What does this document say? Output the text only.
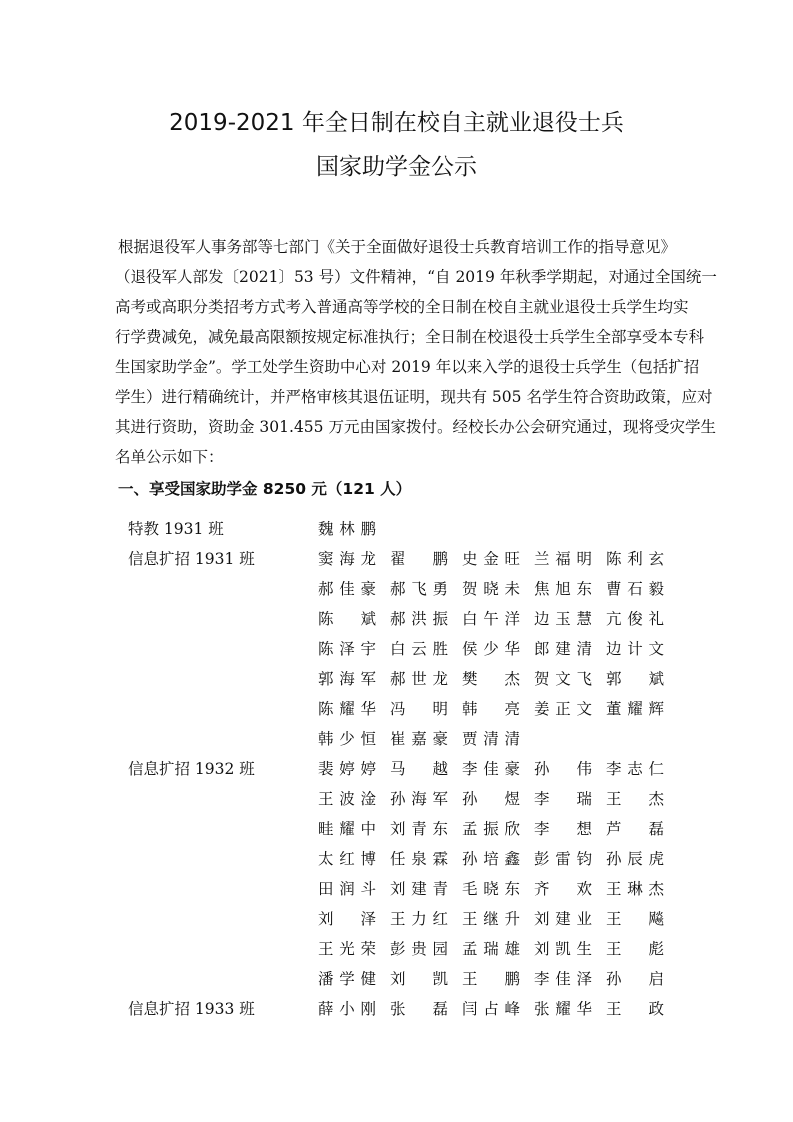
2019-2021 年全日制在校自主就业退役士兵
国家助学金公示
根据退役军人事务部等七部门《关于全面做好退役士兵教育培训工作的指导意见》
（退役军人部发〔2021〕53 号）文件精神，“自 2019 年秋季学期起，对通过全国统一
高考或高职分类招考方式考入普通高等学校的全日制在校自主就业退役士兵学生均实
行学费减免，减免最高限额按规定标准执行；全日制在校退役士兵学生全部享受本专科
生国家助学金”。学工处学生资助中心对 2019 年以来入学的退役士兵学生（包括扩招
学生）进行精确统计，并严格审核其退伍证明，现共有 505 名学生符合资助政策，应对
其进行资助，资助金 301.455 万元由国家拨付。经校长办公会研究通过，现将受灾学生
名单公示如下：
一、享受国家助学金 8250 元（121 人）
特教 1931 班	魏林鹏
信息扩招 1931 班	窦海龙 翟鹏 史金旺 兰福明 陈利玄
郝佳豪 郝飞勇 贺晓未 焦旭东 曹石毅
陈斌 郝洪振 白午洋 边玉慧 亢俊礼
陈泽宇 白云胜 侯少华 郎建清 边计文
郭海军 郝世龙 樊杰 贺文飞 郭斌
陈耀华 冯明 韩亮 姜正文 董耀辉
韩少恒 崔嘉豪 贾清清
信息扩招 1932 班	裴婷婷 马越 李佳豪 孙伟 李志仁
王波淦 孙海军 孙煜 李瑞 王杰
畦耀中 刘青东 孟振欣 李想 芦磊
太红博 任泉霖 孙培鑫 彭雷钧 孙辰虎
田润斗 刘建青 毛晓东 齐欢 王琳杰
刘泽 王力红 王继升 刘建业 王飚
王光荣 彭贵园 孟瑞雄 刘凯生 王彪
潘学健 刘凯 王鹏 李佳泽 孙启
信息扩招 1933 班	薛小刚 张磊 闫占峰 张耀华 王政
